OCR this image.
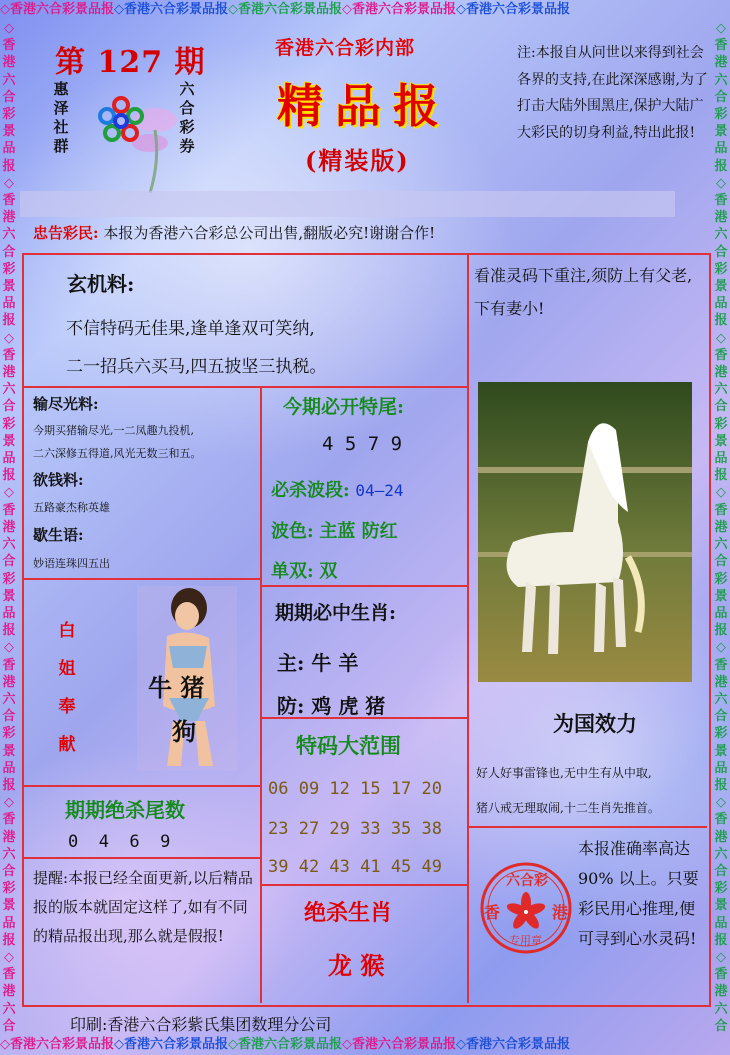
◇香港六合彩景品报◇香港六合彩景品报◇香港六合彩景品报◇香港六合彩景品报◇香港六合彩景品报
◇香港六合彩景品报◇香港六合彩景品报◇香港六合彩景品报◇香港六合彩景品报◇香港六合彩景品报
◇香港六合彩景品报◇香港六合彩景品报◇香港六合彩景品报◇香港六合彩景品报◇香港六合彩景品报◇香港六合彩景品报◇香港六合
◇香港六合彩景品报◇香港六合彩景品报◇香港六合彩景品报◇香港六合彩景品报◇香港六合彩景品报◇香港六合彩景品报◇香港六合
第 127 期
惠
泽
社
群
六
合
彩
券
香港六合彩内部
精品报
(精装版)
注:本报自从问世以来得到社会各界的支持,在此深深感谢,为了打击大陆外围黑庄,保护大陆广大彩民的切身利益,特出此报!
忠告彩民: 本报为香港六合彩总公司出售,翻版必究!谢谢合作!
玄机料:
不信特码无佳果,逢单逢双可笑纳,
二一招兵六买马,四五披坚三执税。
输尽光料:
今期买猪输尽光,一二凤趣九投机,
二六深修五得道,风光无数三和五。
欲钱料:
五路豪杰称英雄
歇生语:
妙语连珠四五出
今期必开特尾:
4 5 7 9
必杀波段: 04—24
波色: 主蓝 防红
单双: 双
期期必中生肖:
主: 牛 羊
防: 鸡 虎 猪
白
姐
奉
献
牛 猪
狗	特码大范围
06 09 12 15 17 20
23 27 29 33 35 38
39 42 43 41 45 49
期期绝杀尾数
0  4  6  9
提醒:本报已经全面更新,以后精品报的版本就固定这样了,如有不同的精品报出现,那么就是假报!
绝杀生肖
龙 猴
看准灵码下重注,须防上有父老,下有妻小!
为国效力
好人好事雷锋也,无中生有从中取,
猪八戒无理取闹,十二生肖先推首。
本报准确率高达 90% 以上。只要彩民用心推理,便可寻到心水灵码!
六合彩
香	港
专用章
印刷:香港六合彩紫氏集团数理分公司
